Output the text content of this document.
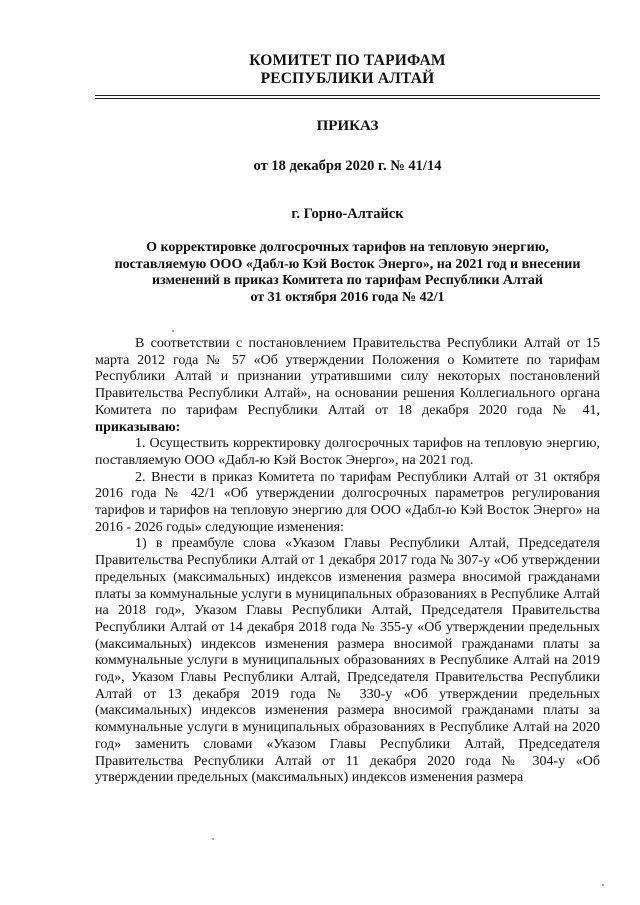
КОМИТЕТ ПО ТАРИФАМ
РЕСПУБЛИКИ АЛТАЙ
ПРИКАЗ
от 18 декабря 2020 г. № 41/14
г. Горно-Алтайск
О корректировке долгосрочных тарифов на тепловую энергию,
поставляемую ООО «Дабл-ю Кэй Восток Энерго», на 2021 год и внесении
изменений в приказ Комитета по тарифам Республики Алтай
от 31 октября 2016 года № 42/1

В соответствии с постановлением Правительства Республики Алтай от 15 марта 2012 года № 57 «Об утверждении Положения о Комитете по тарифам Республики Алтай и признании утратившими силу некоторых постановлений Правительства Республики Алтай», на основании решения Коллегиального органа Комитета по тарифам Республики Алтай от 18 декабря 2020 года № 41, приказываю:

1. Осуществить корректировку долгосрочных тарифов на тепловую энергию, поставляемую ООО «Дабл-ю Кэй Восток Энерго», на 2021 год.

2. Внести в приказ Комитета по тарифам Республики Алтай от 31 октября 2016 года № 42/1 «Об утверждении долгосрочных параметров регулирования тарифов и тарифов на тепловую энергию для ООО «Дабл-ю Кэй Восток Энерго» на 2016 - 2026 годы» следующие изменения:

1) в преамбуле слова «Указом Главы Республики Алтай, Председателя Правительства Республики Алтай от 1 декабря 2017 года № 307-у «Об утверждении предельных (максимальных) индексов изменения размера вносимой гражданами платы за коммунальные услуги в муниципальных образованиях в Республике Алтай на 2018 год», Указом Главы Республики Алтай, Председателя Правительства Республики Алтай от 14 декабря 2018 года № 355-у «Об утверждении предельных (максимальных) индексов изменения размера вносимой гражданами платы за коммунальные услуги в муниципальных образованиях в Республике Алтай на 2019 год», Указом Главы Республики Алтай, Председателя Правительства Республики Алтай от 13 декабря 2019 года № 330-у «Об утверждении предельных (максимальных) индексов изменения размера вносимой гражданами платы за коммунальные услуги в муниципальных образованиях в Республике Алтай на 2020 год» заменить словами «Указом Главы Республики Алтай, Председателя Правительства Республики Алтай от 11 декабря 2020 года № 304-у «Об утверждении предельных (максимальных) индексов изменения размера
